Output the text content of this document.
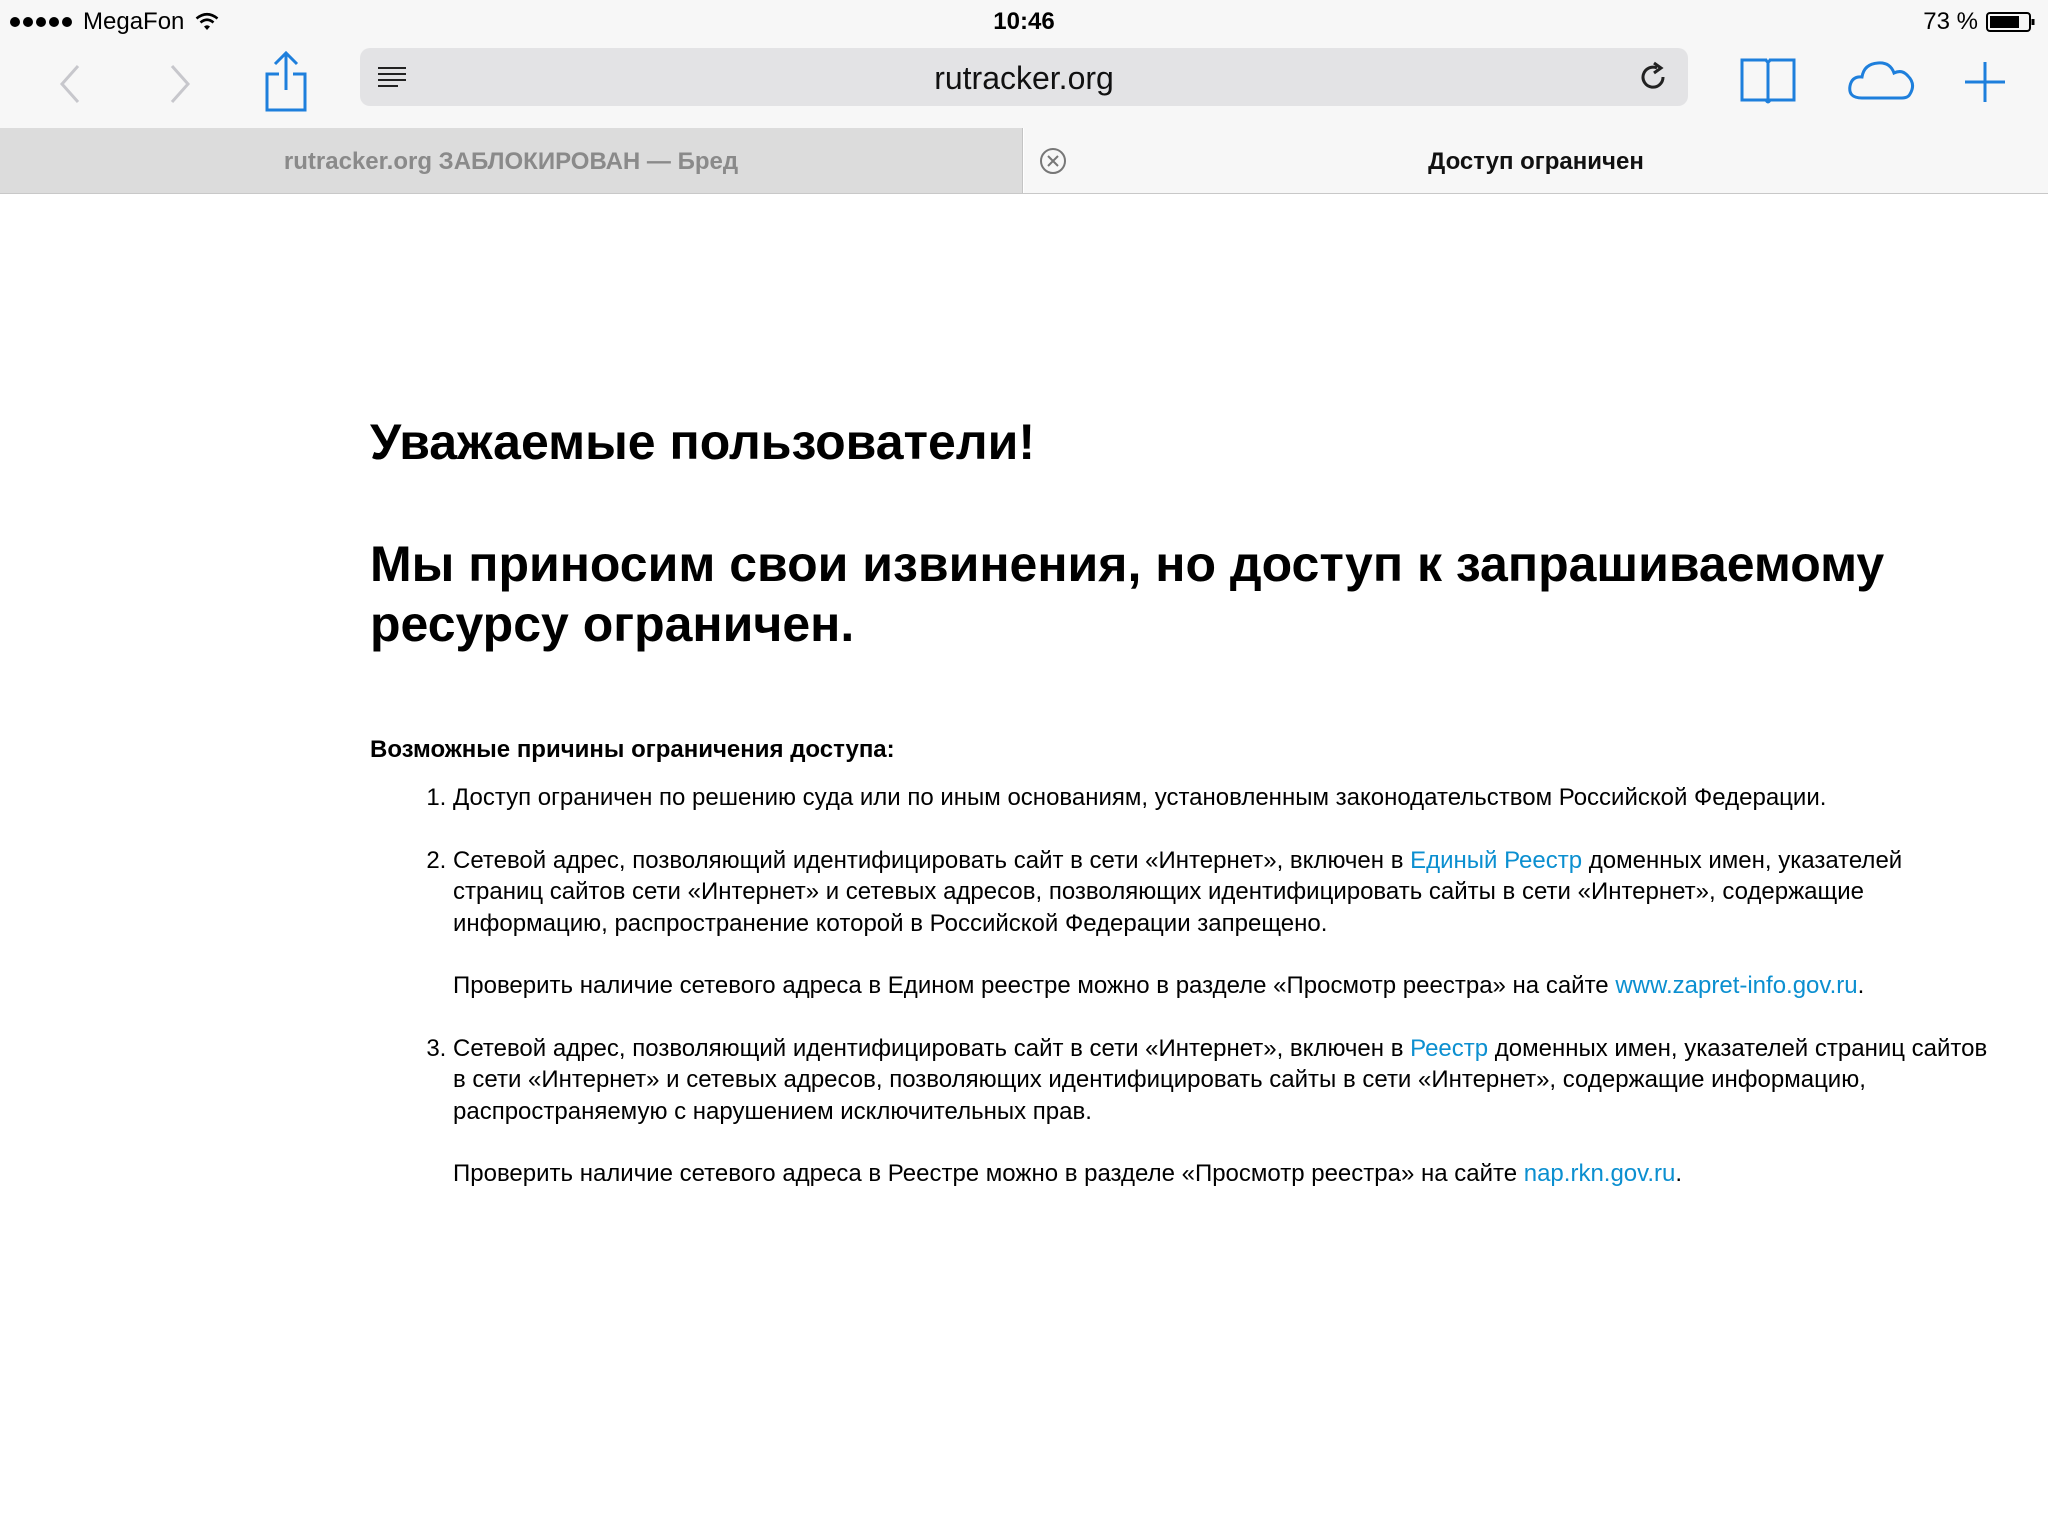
MegaFon	10:46	73 %
rutracker.org
rutracker.org ЗАБЛОКИРОВАН — Бред	Доступ ограничен
Уважаемые пользователи!
Мы приносим свои извинения, но доступ к запрашиваемому ресурсу ограничен.
Возможные причины ограничения доступа:

1. Доступ ограничен по решению суда или по иным основаниям, установленным законодательством Российской Федерации.

2. Сетевой адрес, позволяющий идентифицировать сайт в сети «Интернет», включен в Единый Реестр доменных имен, указателей страниц сайтов сети «Интернет» и сетевых адресов, позволяющих идентифицировать сайты в сети «Интернет», содержащие информацию, распространение которой в Российской Федерации запрещено.

Проверить наличие сетевого адреса в Едином реестре можно в разделе «Просмотр реестра» на сайте www.zapret-info.gov.ru.

3. Сетевой адрес, позволяющий идентифицировать сайт в сети «Интернет», включен в Реестр доменных имен, указателей страниц сайтов в сети «Интернет» и сетевых адресов, позволяющих идентифицировать сайты в сети «Интернет», содержащие информацию, распространяемую с нарушением исключительных прав.

Проверить наличие сетевого адреса в Реестре можно в разделе «Просмотр реестра» на сайте nap.rkn.gov.ru.
